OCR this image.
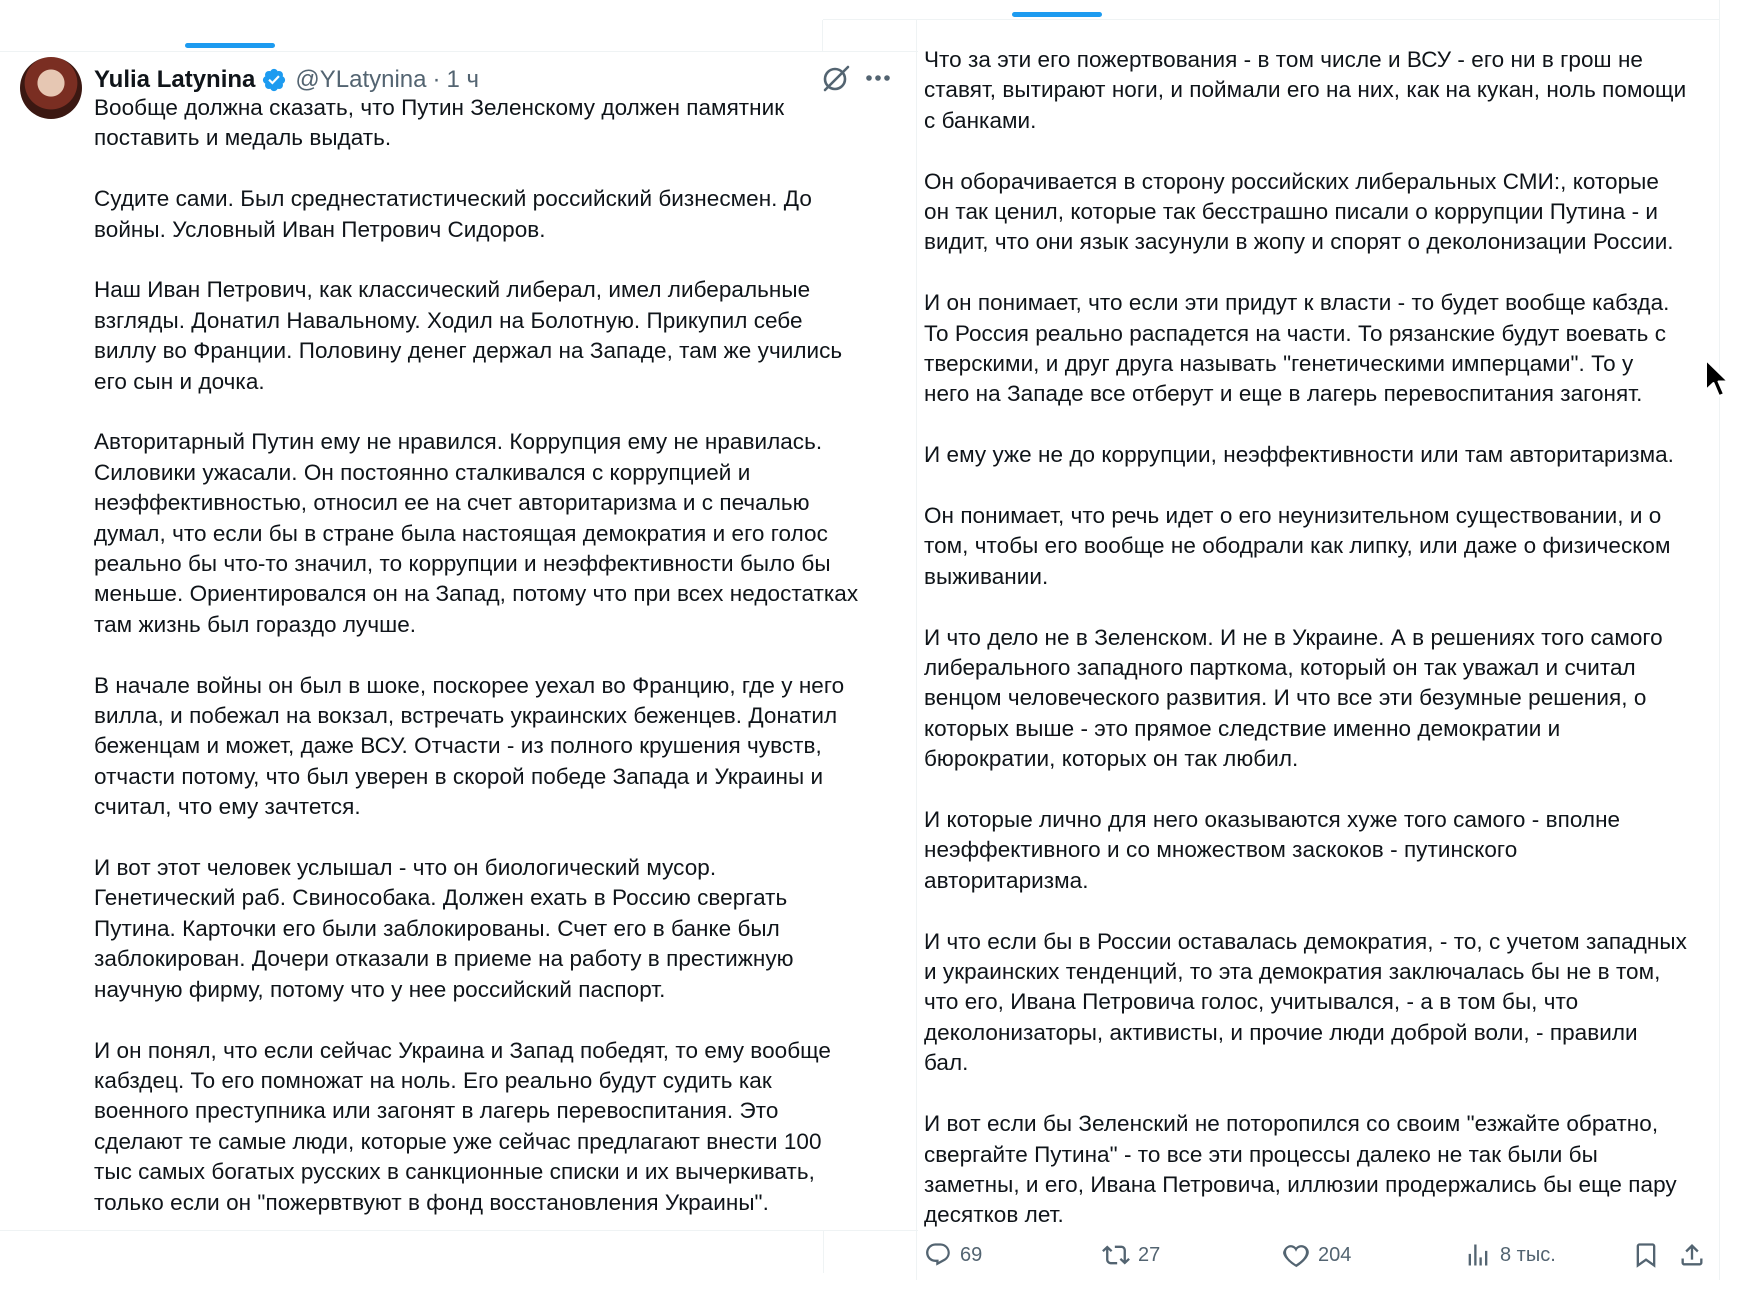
Yulia Latynina @YLatynina · 1 ч
Вообще должна сказать, что Путин Зеленскому должен памятник
поставить и медаль выдать.
Судите сами. Был среднестатистический российский бизнесмен. До
войны. Условный Иван Петрович Сидоров.
Наш Иван Петрович, как классический либерал, имел либеральные
взгляды. Донатил Навальному. Ходил на Болотную. Прикупил себе
виллу во Франции. Половину денег держал на Западе, там же учились
его сын и дочка.
Авторитарный Путин ему не нравился. Коррупция ему не нравилась.
Силовики ужасали. Он постоянно сталкивался с коррупцией и
неэффективностью, относил ее на счет авторитаризма и с печалью
думал, что если бы в стране была настоящая демократия и его голос
реально бы что-то значил, то коррупции и неэффективности было бы
меньше. Ориентировался он на Запад, потому что при всех недостатках
там жизнь был гораздо лучше.
В начале войны он был в шоке, поскорее уехал во Францию, где у него
вилла, и побежал на вокзал, встречать украинских беженцев. Донатил
беженцам и может, даже ВСУ. Отчасти - из полного крушения чувств,
отчасти потому, что был уверен в скорой победе Запада и Украины и
считал, что ему зачтется.
И вот этот человек услышал - что он биологический мусор.
Генетический раб. Свинособака. Должен ехать в Россию свергать
Путина. Карточки его были заблокированы. Счет его в банке был
заблокирован. Дочери отказали в приеме на работу в престижную
научную фирму, потому что у нее российский паспорт.
И он понял, что если сейчас Украина и Запад победят, то ему вообще
кабздец. То его помножат на ноль. Его реально будут судить как
военного преступника или загонят в лагерь перевоспитания. Это
сделают те самые люди, которые уже сейчас предлагают внести 100
тыс самых богатых русских в санкционные списки и их вычеркивать,
только если он "пожервтвуют в фонд восстановления Украины".
Что за эти его пожертвования - в том числе и ВСУ - его ни в грош не
ставят, вытирают ноги, и поймали его на них, как на кукан, ноль помощи
с банками.
Он оборачивается в сторону российских либеральных СМИ:, которые
он так ценил, которые так бесстрашно писали о коррупции Путина - и
видит, что они язык засунули в жопу и спорят о деколонизации России.
И он понимает, что если эти придут к власти - то будет вообще кабзда.
То Россия реально распадется на части. То рязанские будут воевать с
тверскими, и друг друга называть "генетическими имперцами". То у
него на Западе все отберут и еще в лагерь перевоспитания загонят.
И ему уже не до коррупции, неэффективности или там авторитаризма.
Он понимает, что речь идет о его неунизительном существовании, и о
том, чтобы его вообще не ободрали как липку, или даже о физическом
выживании.
И что дело не в Зеленском. И не в Украине. А в решениях того самого
либерального западного парткома, который он так уважал и считал
венцом человеческого развития. И что все эти безумные решения, о
которых выше - это прямое следствие именно демократии и
бюрократии, которых он так любил.
И которые лично для него оказываются хуже того самого - вполне
неэффективного и со множеством заскоков - путинского
авторитаризма.
И что если бы в России оставалась демократия, - то, с учетом западных
и украинских тенденций, то эта демократия заключалась бы не в том,
что его, Ивана Петровича голос, учитывался, - а в том бы, что
деколонизаторы, активисты, и прочие люди доброй воли, - правили
бал.
И вот если бы Зеленский не поторопился со своим "езжайте обратно,
свергайте Путина" - то все эти процессы далеко не так были бы
заметны, и его, Ивана Петровича, иллюзии продержались бы еще пару
десятков лет.
69	27	204	8 тыс.
